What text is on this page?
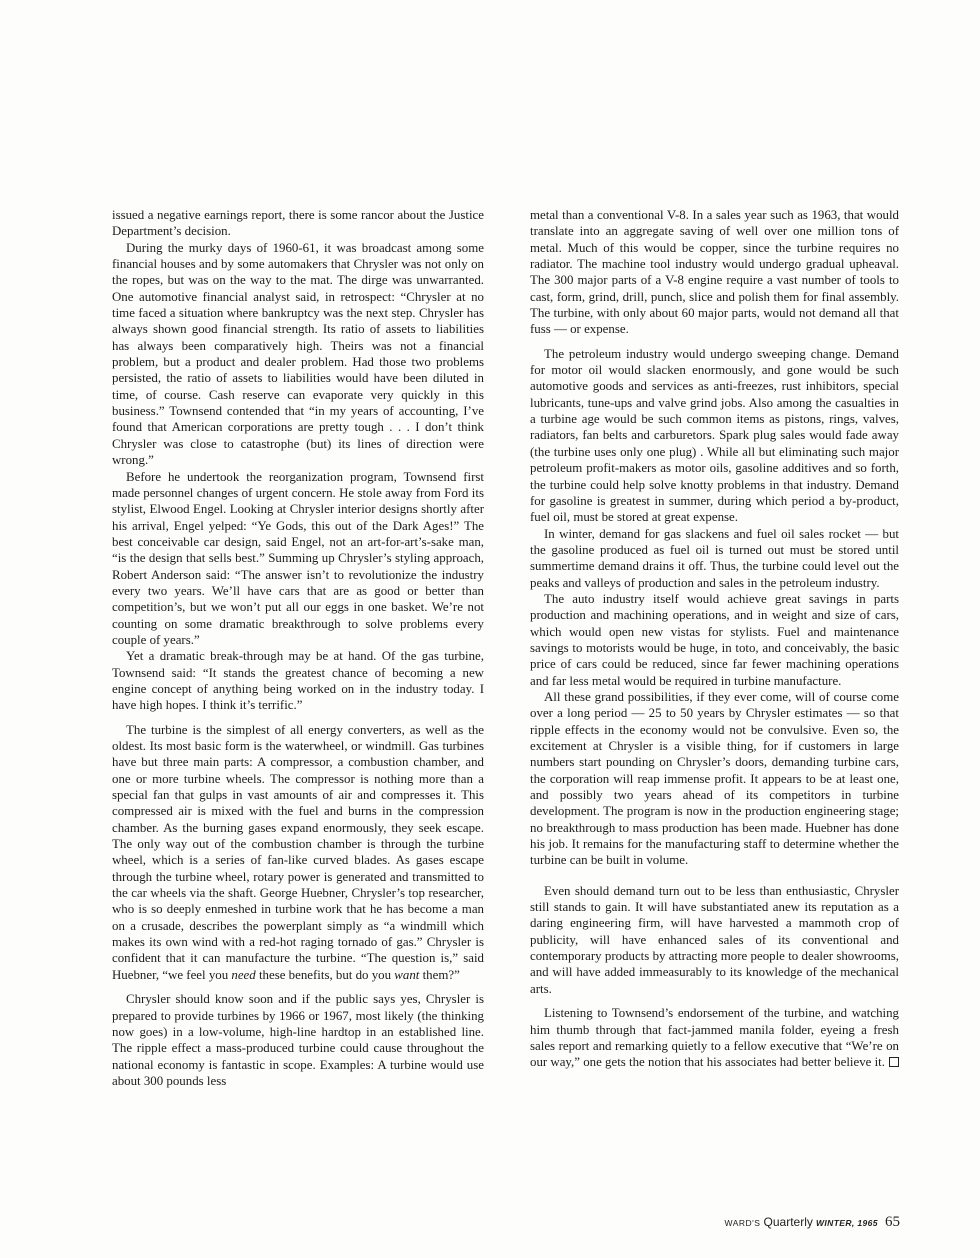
issued a negative earnings report, there is some rancor about the Justice Department’s decision.

During the murky days of 1960-61, it was broadcast among some financial houses and by some automakers that Chrysler was not only on the ropes, but was on the way to the mat. The dirge was unwarranted. One automotive financial analyst said, in retrospect: “Chrysler at no time faced a situation where bankruptcy was the next step. Chrysler has always shown good financial strength. Its ratio of assets to liabilities has always been comparatively high. Theirs was not a financial problem, but a product and dealer problem. Had those two problems persisted, the ratio of assets to liabilities would have been diluted in time, of course. Cash reserve can evaporate very quickly in this business.” Townsend contended that “in my years of accounting, I’ve found that American corporations are pretty tough . . . I don’t think Chrysler was close to catastrophe (but) its lines of direction were wrong.”

Before he undertook the reorganization program, Townsend first made personnel changes of urgent concern. He stole away from Ford its stylist, Elwood Engel. Looking at Chrysler interior designs shortly after his arrival, Engel yelped: “Ye Gods, this out of the Dark Ages!” The best conceivable car design, said Engel, not an art-for-art’s-sake man, “is the design that sells best.” Summing up Chrysler’s styling approach, Robert Anderson said: “The answer isn’t to revolutionize the industry every two years. We’ll have cars that are as good or better than competition’s, but we won’t put all our eggs in one basket. We’re not counting on some dramatic breakthrough to solve problems every couple of years.”

Yet a dramatic break-through may be at hand. Of the gas turbine, Townsend said: “It stands the greatest chance of becoming a new engine concept of anything being worked on in the industry today. I have high hopes. I think it’s terrific.”

The turbine is the simplest of all energy converters, as well as the oldest. Its most basic form is the waterwheel, or windmill. Gas turbines have but three main parts: A compressor, a combustion chamber, and one or more turbine wheels. The compressor is nothing more than a special fan that gulps in vast amounts of air and compresses it. This compressed air is mixed with the fuel and burns in the compression chamber. As the burning gases expand enormously, they seek escape. The only way out of the combustion chamber is through the turbine wheel, which is a series of fan-like curved blades. As gases escape through the turbine wheel, rotary power is generated and transmitted to the car wheels via the shaft. George Huebner, Chrysler’s top researcher, who is so deeply enmeshed in turbine work that he has become a man on a crusade, describes the powerplant simply as “a windmill which makes its own wind with a red-hot raging tornado of gas.” Chrysler is confident that it can manufacture the turbine. “The question is,” said Huebner, “we feel you need these benefits, but do you want them?”

Chrysler should know soon and if the public says yes, Chrysler is prepared to provide turbines by 1966 or 1967, most likely (the thinking now goes) in a low-volume, high-line hardtop in an established line. The ripple effect a mass-produced turbine could cause throughout the national economy is fantastic in scope. Examples: A turbine would use about 300 pounds less

metal than a conventional V-8. In a sales year such as 1963, that would translate into an aggregate saving of well over one million tons of metal. Much of this would be copper, since the turbine requires no radiator. The machine tool industry would undergo gradual upheaval. The 300 major parts of a V-8 engine require a vast number of tools to cast, form, grind, drill, punch, slice and polish them for final assembly. The turbine, with only about 60 major parts, would not demand all that fuss — or expense.

The petroleum industry would undergo sweeping change. Demand for motor oil would slacken enormously, and gone would be such automotive goods and services as anti-freezes, rust inhibitors, special lubricants, tune-ups and valve grind jobs. Also among the casualties in a turbine age would be such common items as pistons, rings, valves, radiators, fan belts and carburetors. Spark plug sales would fade away (the turbine uses only one plug) . While all but eliminating such major petroleum profit-makers as motor oils, gasoline additives and so forth, the turbine could help solve knotty problems in that industry. Demand for gasoline is greatest in summer, during which period a by-product, fuel oil, must be stored at great expense.

In winter, demand for gas slackens and fuel oil sales rocket — but the gasoline produced as fuel oil is turned out must be stored until summertime demand drains it off. Thus, the turbine could level out the peaks and valleys of production and sales in the petroleum industry.

The auto industry itself would achieve great savings in parts production and machining operations, and in weight and size of cars, which would open new vistas for stylists. Fuel and maintenance savings to motorists would be huge, in toto, and conceivably, the basic price of cars could be reduced, since far fewer machining operations and far less metal would be required in turbine manufacture.

All these grand possibilities, if they ever come, will of course come over a long period — 25 to 50 years by Chrysler estimates — so that ripple effects in the economy would not be convulsive. Even so, the excitement at Chrysler is a visible thing, for if customers in large numbers start pounding on Chrysler’s doors, demanding turbine cars, the corporation will reap immense profit. It appears to be at least one, and possibly two years ahead of its competitors in turbine development. The program is now in the production engineering stage; no breakthrough to mass production has been made. Huebner has done his job. It remains for the manufacturing staff to determine whether the turbine can be built in volume.

Even should demand turn out to be less than enthusiastic, Chrysler still stands to gain. It will have substantiated anew its reputation as a daring engineering firm, will have harvested a mammoth crop of publicity, will have enhanced sales of its conventional and contemporary products by attracting more people to dealer showrooms, and will have added immeasurably to its knowledge of the mechanical arts.

Listening to Townsend’s endorsement of the turbine, and watching him thumb through that fact-jammed manila folder, eyeing a fresh sales report and remarking quietly to a fellow executive that “We’re on our way,” one gets the notion that his associates had better believe it.

WARD'S Quarterly WINTER, 1965 65
